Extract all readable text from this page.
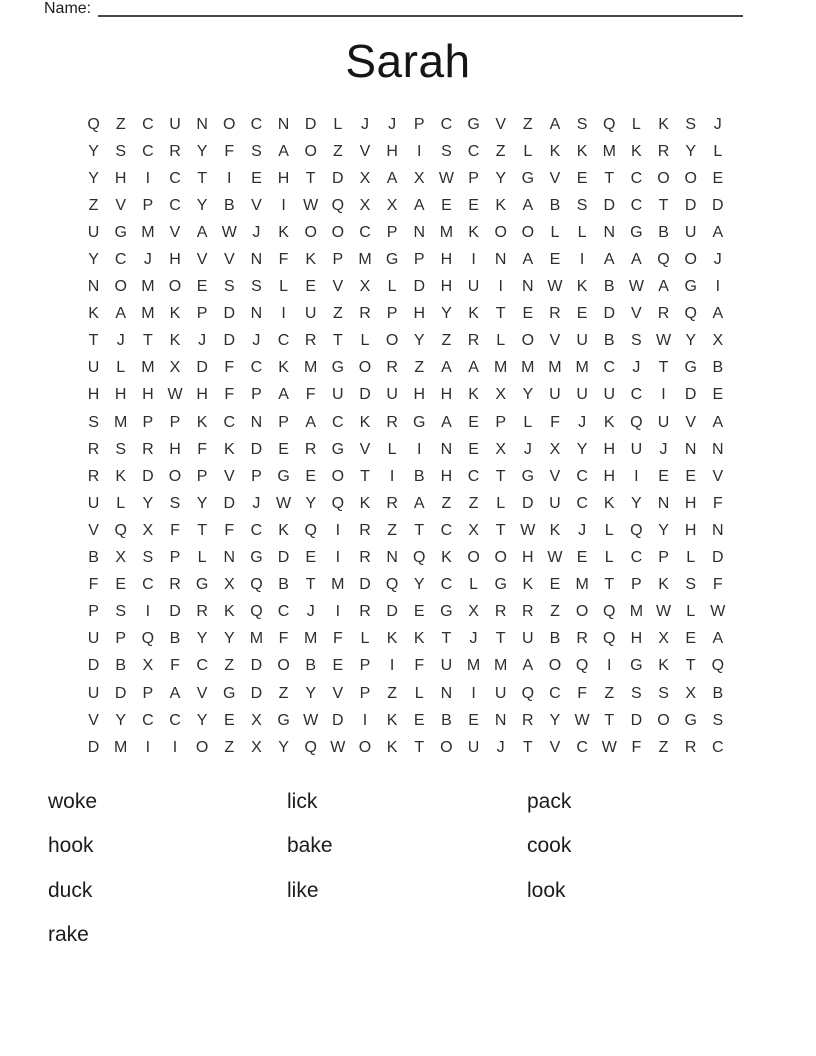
Name:
Sarah
Q	Z	C U N O C N D	L	J	J	P	C G V	Z	A	S Q	L	K	S	J
Y	S	C R	Y	F	S	A O	Z	V	H	I	S	C	Z	L	K	K M K	R	Y	L
Y	H	I	C	T	I	E	H	T	D	X	A	X W P	Y G V	E	T	C O O E
Z	V	P	C	Y	B	V	I	W Q X	X	A	E	E	K	A	B	S	D C	T	D D
U G M V	A W J	K O O C	P	N M K O O	L	L	N G B	U	A
Y	C	J	H	V	V	N	F	K	P M G P	H	I	N	A	E	I	A	A Q O	J
N O M O E	S	S	L	E	V	X	L	D H U	I	N W K	B W A G	I
K	A M K	P	D N	I	U	Z	R	P	H	Y	K	T	E	R	E	D	V	R Q A
T	J	T	K	J	D	J	C R	T	L	O Y	Z	R	L	O V	U	B	S W Y	X
U	L	M X	D	F	C	K M G O R	Z	A	A M M M M C	J	T	G B
H H H W H	F	P	A	F	U D U H H	K	X	Y	U U U C	I	D	E
S M P	P	K	C N	P	A	C	K	R G A	E	P	L	F	J	K Q U	V	A
R	S	R H	F	K	D	E	R G V	L	I	N	E	X	J	X	Y	H U	J	N N
R	K	D O P	V	P G E O	T	I	B	H C	T	G V	C H	I	E	E	V
U	L	Y	S	Y	D	J W Y Q K	R	A	Z	Z	L	D U C	K	Y	N H	F
V Q X	F	T	F	C	K Q	I	R	Z	T	C	X	T W K	J	L	Q Y	H N
B	X	S	P	L	N G D	E	I	R N Q K O O H W E	L	C	P	L	D
F	E	C R G X Q B	T M D Q Y	C	L	G K	E M T	P	K	S	F
P	S	I	D R	K Q C	J	I	R D	E G X	R R	Z	O Q M W L W
U	P Q B	Y	Y M F M F	L	K	K	T	J	T	U	B	R Q H	X	E	A
D	B	X	F	C	Z	D O B	E	P	I	F	U M M A O Q	I	G K	T	Q
U D	P	A	V G D	Z	Y	V	P	Z	L	N	I	U Q C	F	Z	S	S	X	B
V	Y	C C	Y	E	X G W D	I	K	E	B	E	N R	Y W T	D O G S
D M	I	I	O	Z	X	Y Q W O K	T	O U	J	T	V	C W F	Z	R C
woke
hook
duck
rake
lick
bake
like
pack
cook
look
